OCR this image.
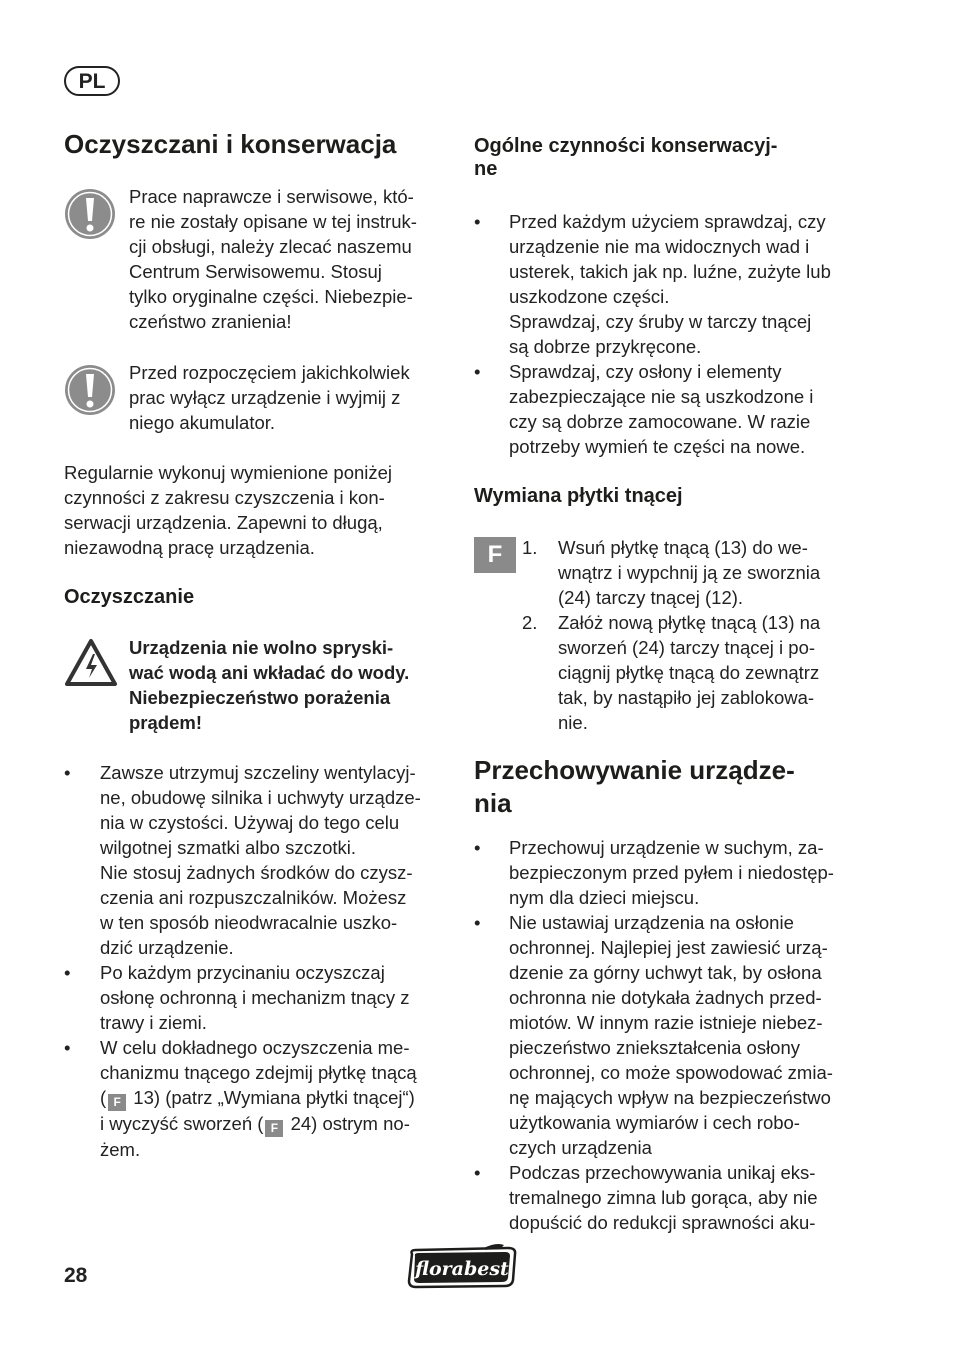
PL
Oczyszczani i konserwacja
Prace naprawcze i serwisowe, któ-
re nie zostały opisane w tej instruk-
cji obsługi, należy zlecać naszemu
Centrum Serwisowemu. Stosuj
tylko oryginalne części. Niebezpie-
czeństwo zranienia!
Przed rozpoczęciem jakichkolwiek
prac wyłącz urządzenie i wyjmij z
niego akumulator.
Regularnie wykonuj wymienione poniżej
czynności z zakresu czyszczenia i kon-
serwacji urządzenia. Zapewni to długą,
niezawodną pracę urządzenia.
Oczyszczanie
Urządzenia nie wolno spryski-
wać wodą ani wkładać do wody.
Niebezpieczeństwo porażenia
prądem!
• Zawsze utrzymuj szczeliny wentylacyj-
ne, obudowę silnika i uchwyty urządze-
nia w czystości. Używaj do tego celu
wilgotnej szmatki albo szczotki.
Nie stosuj żadnych środków do czysz-
czenia ani rozpuszczalników. Możesz
w ten sposób nieodwracalnie uszko-
dzić urządzenie.
• Po każdym przycinaniu oczyszczaj
osłonę ochronną i mechanizm tnący z
trawy i ziemi.
• W celu dokładnego oczyszczenia me-
chanizmu tnącego zdejmij płytkę tnącą
( F 13) (patrz „Wymiana płytki tnącej“)
i wyczyść sworzeń ( F 24) ostrym no-
żem.
Ogólne czynności konserwacyj-
ne
• Przed każdym użyciem sprawdzaj, czy
urządzenie nie ma widocznych wad i
usterek, takich jak np. luźne, zużyte lub
uszkodzone części.
Sprawdzaj, czy śruby w tarczy tnącej
są dobrze przykręcone.
• Sprawdzaj, czy osłony i elementy
zabezpieczające nie są uszkodzone i
czy są dobrze zamocowane. W razie
potrzeby wymień te części na nowe.
Wymiana płytki tnącej
F	1. Wsuń płytkę tnącą (13) do we-
wnątrz i wypchnij ją ze sworznia
(24) tarczy tnącej (12).
2. Załóż nową płytkę tnącą (13) na
sworzeń (24) tarczy tnącej i po-
ciągnij płytkę tnącą do zewnątrz
tak, by nastąpiło jej zablokowa-
nie.
Przechowywanie urządze-
nia
• Przechowuj urządzenie w suchym, za-
bezpieczonym przed pyłem i niedostęp-
nym dla dzieci miejscu.
• Nie ustawiaj urządzenia na osłonie
ochronnej. Najlepiej jest zawiesić urzą-
dzenie za górny uchwyt tak, by osłona
ochronna nie dotykała żadnych przed-
miotów. W innym razie istnieje niebez-
pieczeństwo zniekształcenia osłony
ochronnej, co może spowodować zmia-
nę mających wpływ na bezpieczeństwo
użytkowania wymiarów i cech robo-
czych urządzenia
• Podczas przechowywania unikaj eks-
tremalnego zimna lub gorąca, aby nie
dopuścić do redukcji sprawności aku-
28	florabest
